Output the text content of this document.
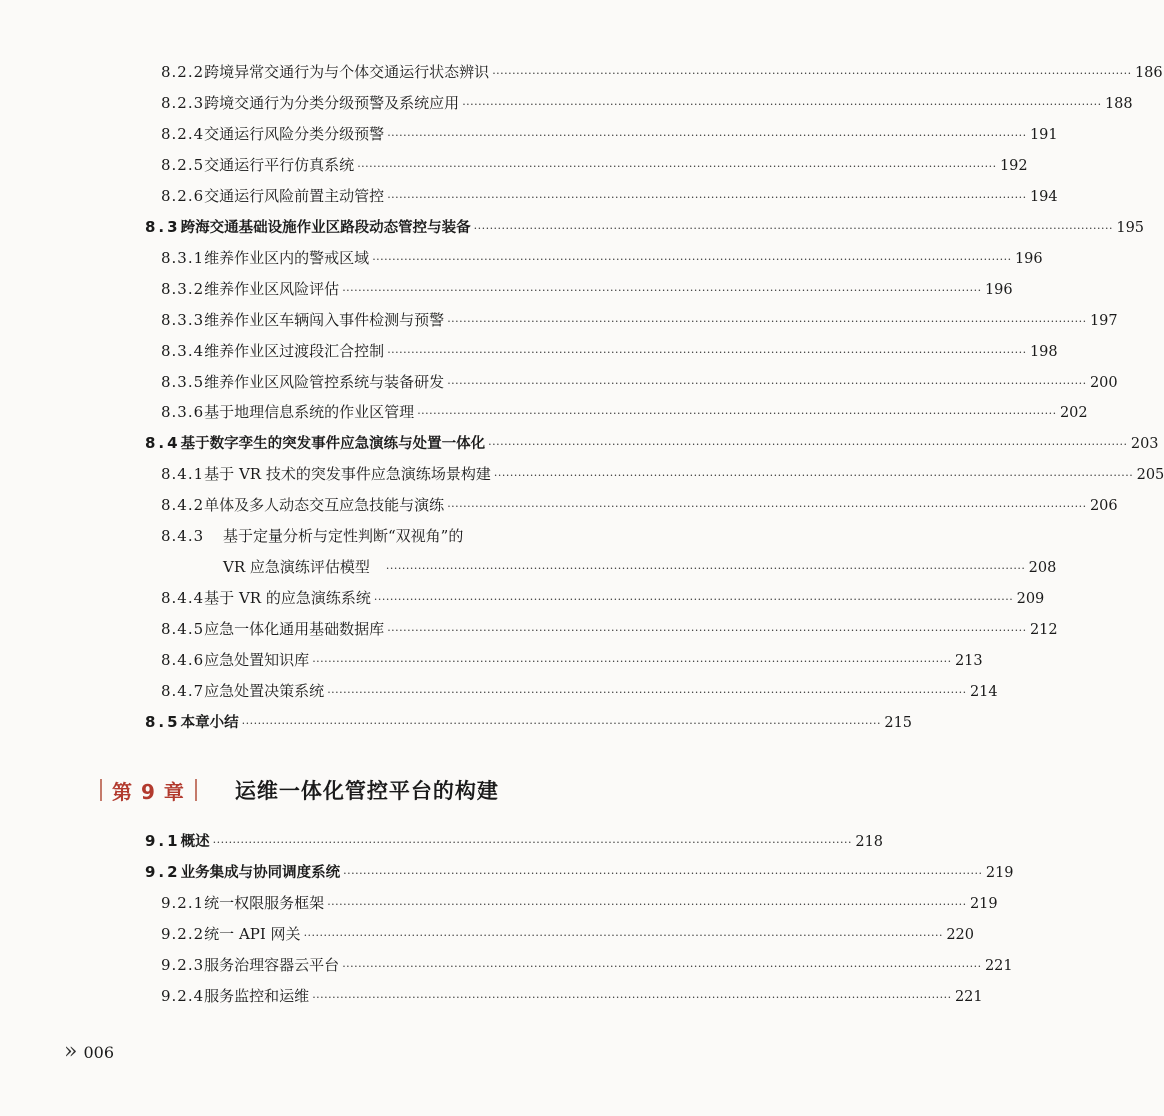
8.2.2 跨境异常交通行为与个体交通运行状态辨识 ································································································································································ 186
8.2.3 跨境交通行为分类分级预警及系统应用 ································································································································································ 188
8.2.4 交通运行风险分类分级预警 ································································································································································ 191
8.2.5 交通运行平行仿真系统 ································································································································································ 192
8.2.6 交通运行风险前置主动管控 ································································································································································ 194
8.3 跨海交通基础设施作业区路段动态管控与装备 ································································································································································ 195
8.3.1 维养作业区内的警戒区域 ································································································································································ 196
8.3.2 维养作业区风险评估 ································································································································································ 196
8.3.3 维养作业区车辆闯入事件检测与预警 ································································································································································ 197
8.3.4 维养作业区过渡段汇合控制 ································································································································································ 198
8.3.5 维养作业区风险管控系统与装备研发 ································································································································································ 200
8.3.6 基于地理信息系统的作业区管理 ································································································································································ 202
8.4 基于数字孪生的突发事件应急演练与处置一体化 ································································································································································ 203
8.4.1 基于 VR 技术的突发事件应急演练场景构建 ································································································································································ 205
8.4.2 单体及多人动态交互应急技能与演练 ································································································································································ 206
8.4.3	基于定量分析与定性判断“双视角”的
VR 应急演练评估模型 ································································································································································ 208
8.4.4 基于 VR 的应急演练系统 ································································································································································ 209
8.4.5 应急一体化通用基础数据库 ································································································································································ 212
8.4.6 应急处置知识库 ································································································································································ 213
8.4.7 应急处置决策系统 ································································································································································ 214
8.5 本章小结 ································································································································································ 215
9.1 概述 ································································································································································ 218
9.2 业务集成与协同调度系统 ································································································································································ 219
9.2.1 统一权限服务框架 ································································································································································ 219
9.2.2 统一 API 网关 ································································································································································ 220
9.2.3 服务治理容器云平台 ································································································································································ 221
9.2.4 服务监控和运维 ································································································································································ 221
第 9 章 运维一体化管控平台的构建
» 006
